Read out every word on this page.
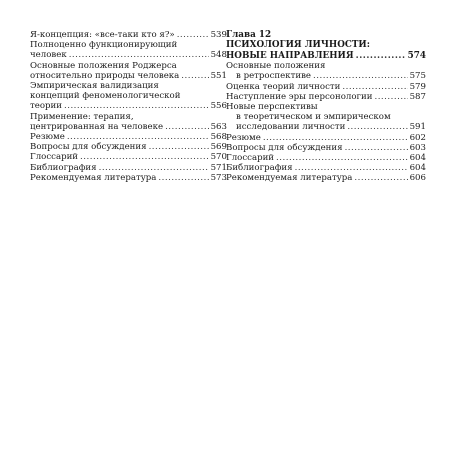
Я-концепция: «все-таки кто я?» .....	539
Полноценно функционирующий
человек .....	548
Основные положения Роджерса
относительно природы человека .....	551
Эмпирическая валидизация
концепций феноменологической
теории .....	556
Применение: терапия,
центрированная на человеке .....	563
Резюме .....	568
Вопросы для обсуждения .....	569
Глоссарий .....	570
Библиография .....	571
Рекомендуемая литература .....	573
Глава 12
ПСИХОЛОГИЯ ЛИЧНОСТИ:
НОВЫЕ НАПРАВЛЕНИЯ .....	574
Основные положения
в ретроспективе .....	575
Оценка теорий личности .....	579
Наступление эры персонологии .....	587
Новые перспективы
в теоретическом и эмпирическом
исследовании личности .....	591
Резюме .....	602
Вопросы для обсуждения .....	603
Глоссарий .....	604
Библиография .....	604
Рекомендуемая литература .....	606
